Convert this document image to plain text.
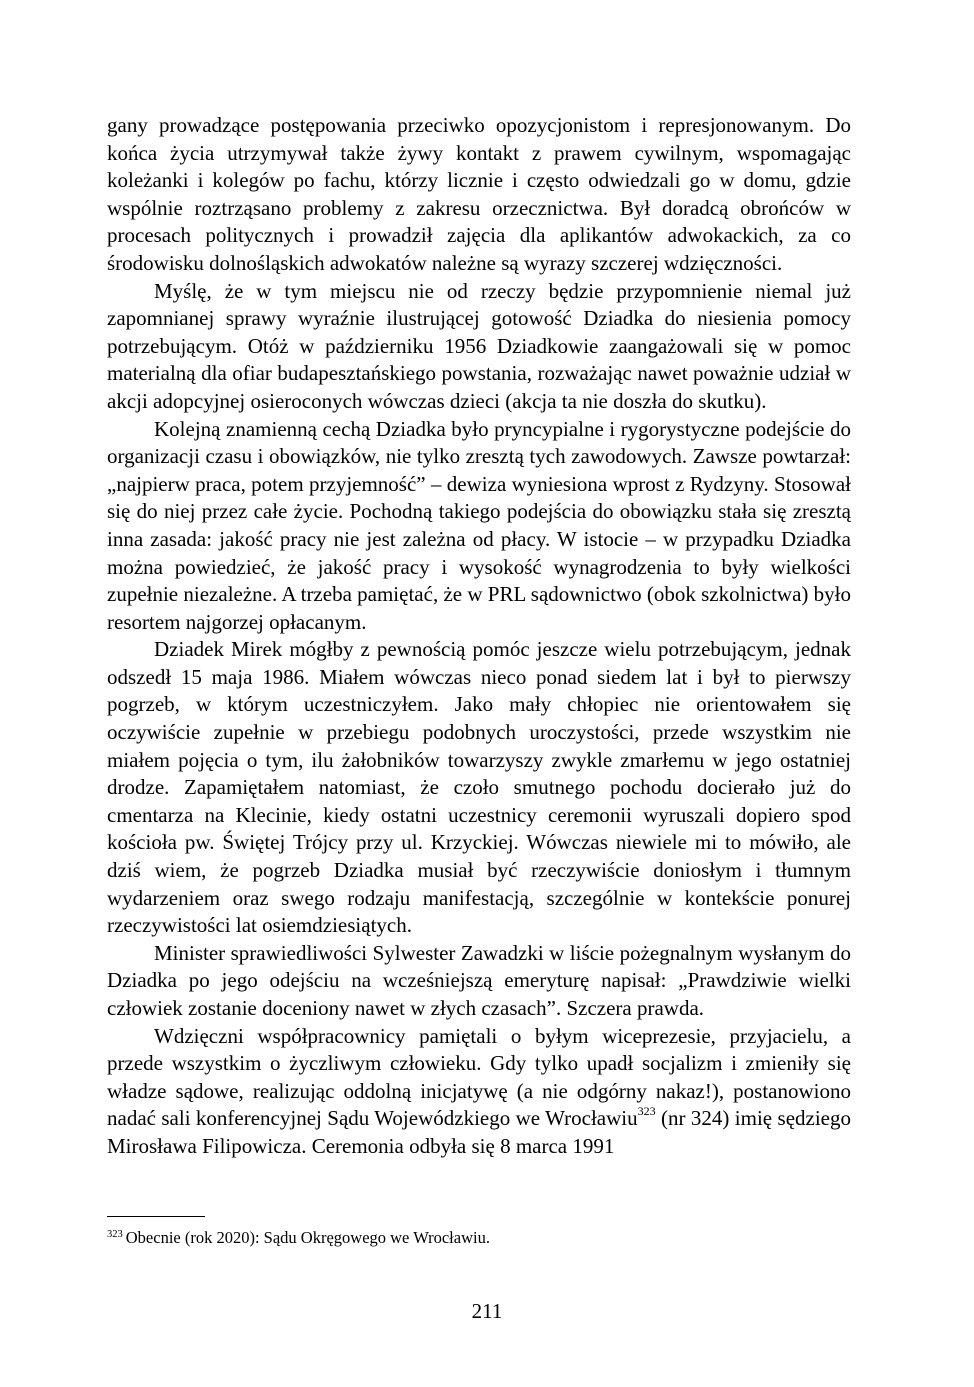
gany prowadzące postępowania przeciwko opozycjonistom i represjonowanym. Do końca życia utrzymywał także żywy kontakt z prawem cywilnym, wspomagając koleżanki i kolegów po fachu, którzy licznie i często odwiedzali go w domu, gdzie wspólnie roztrząsano problemy z zakresu orzecznictwa. Był doradcą obrońców w procesach politycznych i prowadził zajęcia dla aplikantów adwokackich, za co środowisku dolnośląskich adwokatów należne są wyrazy szczerej wdzięczności.

Myślę, że w tym miejscu nie od rzeczy będzie przypomnienie niemal już zapomnianej sprawy wyraźnie ilustrującej gotowość Dziadka do niesienia pomocy potrzebującym. Otóż w październiku 1956 Dziadkowie zaangażowali się w pomoc materialną dla ofiar budapesztańskiego powstania, rozważając nawet poważnie udział w akcji adopcyjnej osieroconych wówczas dzieci (akcja ta nie doszła do skutku).

Kolejną znamienną cechą Dziadka było pryncypialne i rygorystyczne podejście do organizacji czasu i obowiązków, nie tylko zresztą tych zawodowych. Zawsze powtarzał: „najpierw praca, potem przyjemność” – dewiza wyniesiona wprost z Rydzyny. Stosował się do niej przez całe życie. Pochodną takiego podejścia do obowiązku stała się zresztą inna zasada: jakość pracy nie jest zależna od płacy. W istocie – w przypadku Dziadka można powiedzieć, że jakość pracy i wysokość wynagrodzenia to były wielkości zupełnie niezależne. A trzeba pamiętać, że w PRL sądownictwo (obok szkolnictwa) było resortem najgorzej opłacanym.

Dziadek Mirek mógłby z pewnością pomóc jeszcze wielu potrzebującym, jednak odszedł 15 maja 1986. Miałem wówczas nieco ponad siedem lat i był to pierwszy pogrzeb, w którym uczestniczyłem. Jako mały chłopiec nie orientowałem się oczywiście zupełnie w przebiegu podobnych uroczystości, przede wszystkim nie miałem pojęcia o tym, ilu żałobników towarzyszy zwykle zmarłemu w jego ostatniej drodze. Zapamiętałem natomiast, że czoło smutnego pochodu docierało już do cmentarza na Klecinie, kiedy ostatni uczestnicy ceremonii wyruszali dopiero spod kościoła pw. Świętej Trójcy przy ul. Krzyckiej. Wówczas niewiele mi to mówiło, ale dziś wiem, że pogrzeb Dziadka musiał być rzeczywiście doniosłym i tłumnym wydarzeniem oraz swego rodzaju manifestacją, szczególnie w kontekście ponurej rzeczywistości lat osiemdziesiątych.

Minister sprawiedliwości Sylwester Zawadzki w liście pożegnalnym wysłanym do Dziadka po jego odejściu na wcześniejszą emeryturę napisał: „Prawdziwie wielki człowiek zostanie doceniony nawet w złych czasach”. Szczera prawda.

Wdzięczni współpracownicy pamiętali o byłym wiceprezesie, przyjacielu, a przede wszystkim o życzliwym człowieku. Gdy tylko upadł socjalizm i zmieniły się władze sądowe, realizując oddolną inicjatywę (a nie odgórny nakaz!), postanowiono nadać sali konferencyjnej Sądu Wojewódzkiego we Wrocławiu$^{323}$ (nr 324) imię sędziego Mirosława Filipowicza. Ceremonia odbyła się 8 marca 1991

$^{323}$ Obecnie (rok 2020): Sądu Okręgowego we Wrocławiu.
211
